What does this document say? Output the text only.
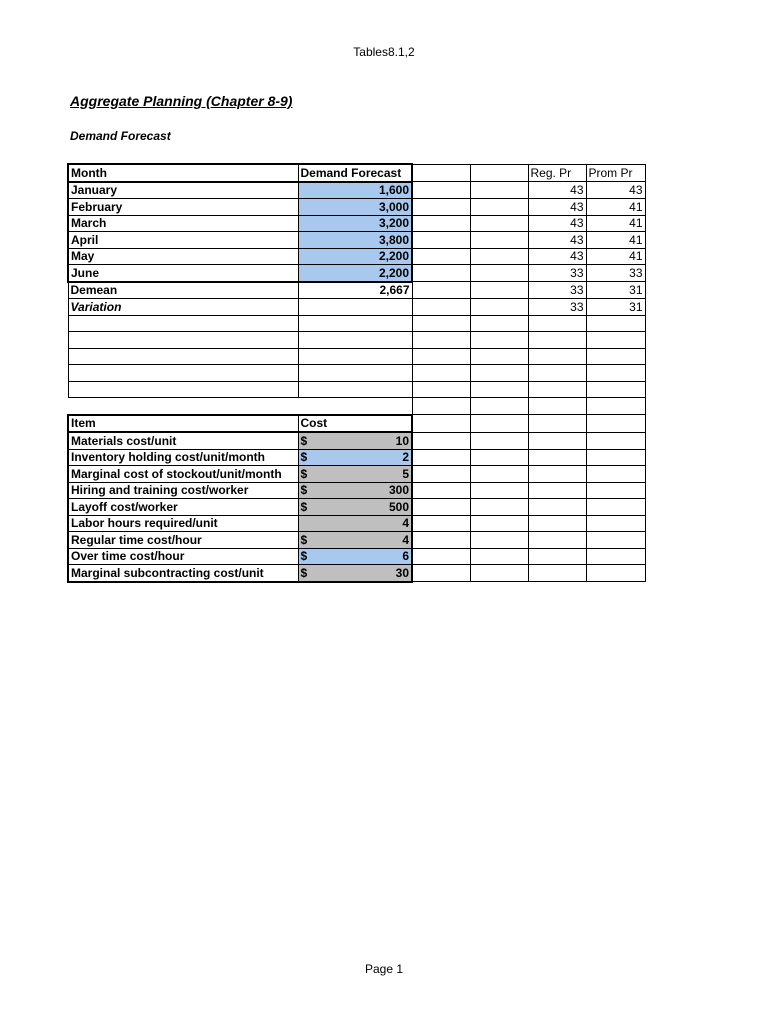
Tables8.1,2
Aggregate Planning (Chapter 8-9)
Demand Forecast
Month	Demand Forecast			Reg. Pr	Prom Pr
January	1,600			43	43
February	3,000			43	41
March	3,200			43	41
April	3,800			43	41
May	2,200			43	41
June	2,200			33	33
Demean	2,667			33	31
Variation				33	31

Item	Cost				
Materials cost/unit	$ 10				

Inventory holding cost/unit/month	$ 2				

Marginal cost of stockout/unit/month	$ 5				

Hiring and training cost/worker	$ 300				

Layoff cost/worker	$ 500				

Labor hours required/unit	4				

Regular time cost/hour	$ 4				

Over time cost/hour	$ 6				

Marginal subcontracting cost/unit	$ 30				

Page 1
